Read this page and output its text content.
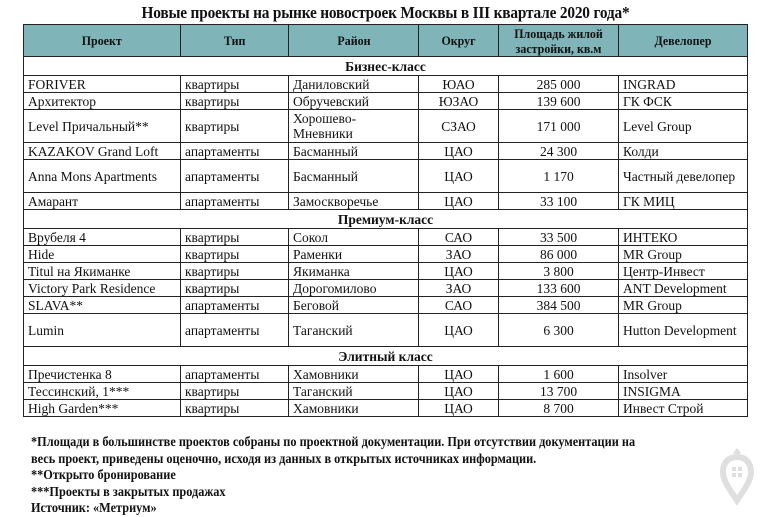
Новые проекты на рынке новостроек Москвы в III квартале 2020 года*
Проект	Тип	Район	Округ	Площадь жилой застройки, кв.м	Девелопер
Бизнес-класс					
FORIVER	квартиры	Даниловский	ЮАО	285 000	INGRAD
Архитектор	квартиры	Обручевский	ЮЗАО	139 600	ГК ФСК
Level Причальный**	квартиры	Хорошево-Мневники	СЗАО	171 000	Level Group
KAZAKOV Grand Loft	апартаменты	Басманный	ЦАО	24 300	Колди
Anna Mons Apartments	апартаменты	Басманный	ЦАО	1 170	Частный девелопер
Амарант	апартаменты	Замоскворечье	ЦАО	33 100	ГК МИЦ
Премиум-класс					
Врубеля 4	квартиры	Сокол	САО	33 500	ИНТЕКО
Hide	квартиры	Раменки	ЗАО	86 000	MR Group
Titul на Якиманке	квартиры	Якиманка	ЦАО	3 800	Центр-Инвест
Victory Park Residence	квартиры	Дорогомилово	ЗАО	133 600	ANT Development
SLAVA**	апартаменты	Беговой	САО	384 500	MR Group
Lumin	апартаменты	Таганский	ЦАО	6 300	Hutton Development
Элитный класс					
Пречистенка 8	апартаменты	Хамовники	ЦАО	1 600	Insolver
Тессинский, 1***	квартиры	Таганский	ЦАО	13 700	INSIGMA
High Garden***	квартиры	Хамовники	ЦАО	8 700	Инвест Строй
*Площади в большинстве проектов собраны по проектной документации. При отсутствии документации на
весь проект, приведены оценочно, исходя из данных в открытых источниках информации.
**Открыто бронирование
***Проекты в закрытых продажах
Источник: «Метриум»
